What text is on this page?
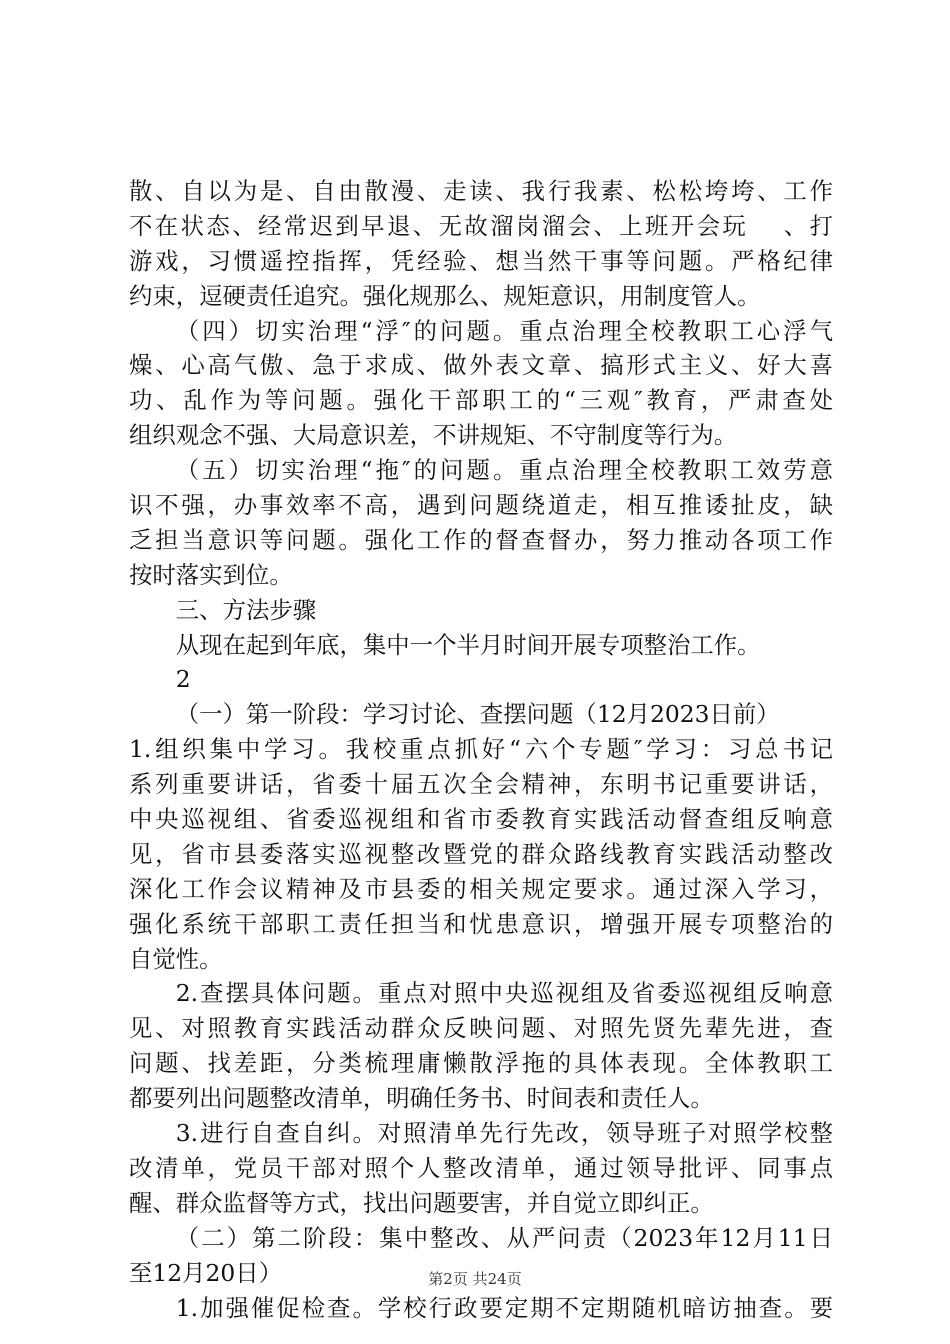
散、自以为是、自由散漫、走读、我行我素、松松垮垮、工作
不在状态、经常迟到早退、无故溜岗溜会、上班开会玩　 、打
游戏，习惯遥控指挥，凭经验、想当然干事等问题。严格纪律
约束，逗硬责任追究。强化规那么、规矩意识，用制度管人。
（四）切实治理“浮″的问题。重点治理全校教职工心浮气
燥、心高气傲、急于求成、做外表文章、搞形式主义、好大喜
功、乱作为等问题。强化干部职工的“三观″教育，严肃查处
组织观念不强、大局意识差，不讲规矩、不守制度等行为。
（五）切实治理“拖″的问题。重点治理全校教职工效劳意
识不强，办事效率不高，遇到问题绕道走，相互推诿扯皮，缺
乏担当意识等问题。强化工作的督查督办，努力推动各项工作
按时落实到位。
三、方法步骤
从现在起到年底，集中一个半月时间开展专项整治工作。
2
（一）第一阶段：学习讨论、查摆问题（12月2023日前）
1.组织集中学习。我校重点抓好“六个专题″学习：习总书记
系列重要讲话，省委十届五次全会精神，东明书记重要讲话，
中央巡视组、省委巡视组和省市委教育实践活动督查组反响意
见，省市县委落实巡视整改暨党的群众路线教育实践活动整改
深化工作会议精神及市县委的相关规定要求。通过深入学习，
强化系统干部职工责任担当和忧患意识，增强开展专项整治的
自觉性。
2.查摆具体问题。重点对照中央巡视组及省委巡视组反响意
见、对照教育实践活动群众反映问题、对照先贤先辈先进，查
问题、找差距，分类梳理庸懒散浮拖的具体表现。全体教职工
都要列出问题整改清单，明确任务书、时间表和责任人。
3.进行自查自纠。对照清单先行先改，领导班子对照学校整
改清单，党员干部对照个人整改清单，通过领导批评、同事点
醒、群众监督等方式，找出问题要害，并自觉立即纠正。
（二）第二阶段：集中整改、从严问责（2023年12月11日
至12月20日）
1.加强催促检查。学校行政要定期不定期随机暗访抽查。要
第2页 共24页
